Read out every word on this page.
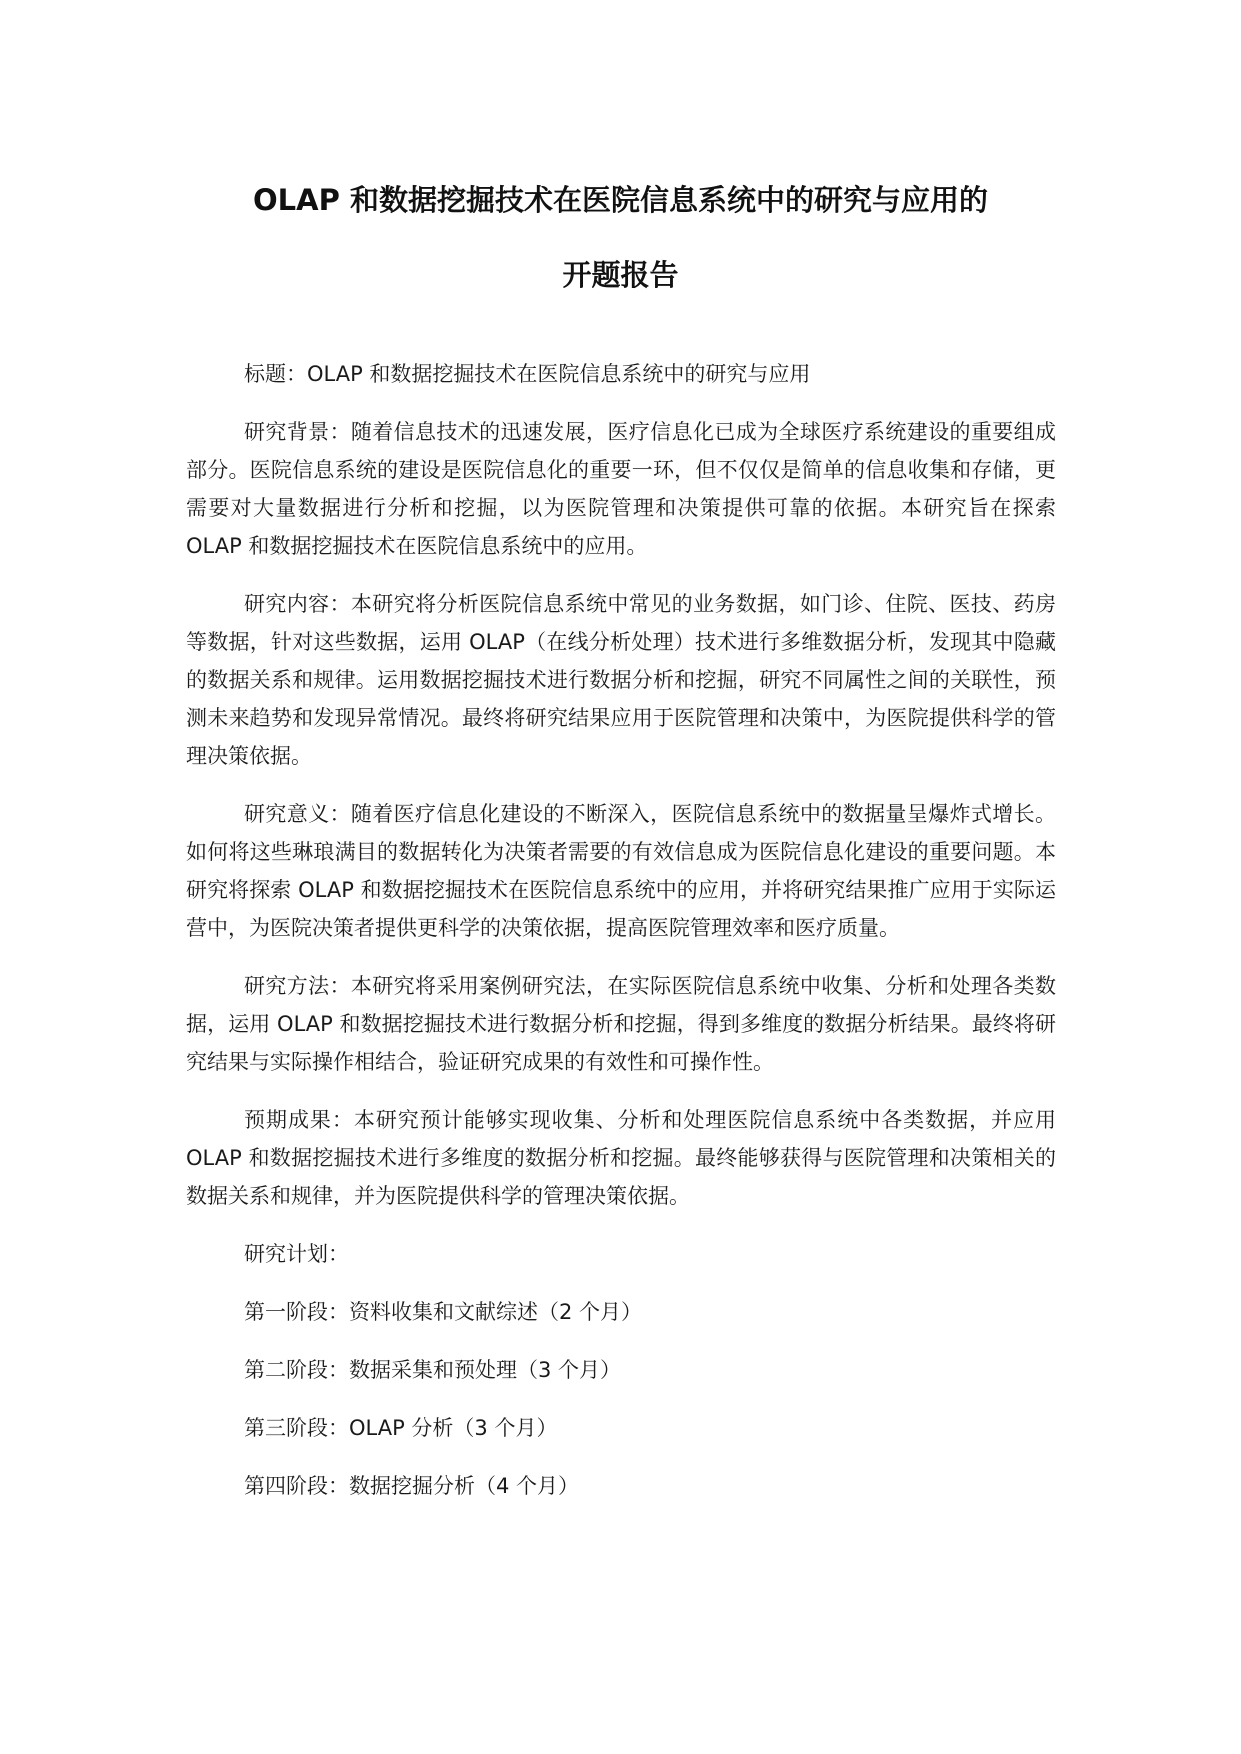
OLAP 和数据挖掘技术在医院信息系统中的研究与应用的
开题报告

标题：OLAP 和数据挖掘技术在医院信息系统中的研究与应用

研究背景：随着信息技术的迅速发展，医疗信息化已成为全球医疗系统建设的重要组成部分。医院信息系统的建设是医院信息化的重要一环，但不仅仅是简单的信息收集和存储，更需要对大量数据进行分析和挖掘，以为医院管理和决策提供可靠的依据。本研究旨在探索 OLAP 和数据挖掘技术在医院信息系统中的应用。

研究内容：本研究将分析医院信息系统中常见的业务数据，如门诊、住院、医技、药房等数据，针对这些数据，运用 OLAP（在线分析处理）技术进行多维数据分析，发现其中隐藏的数据关系和规律。运用数据挖掘技术进行数据分析和挖掘，研究不同属性之间的关联性，预测未来趋势和发现异常情况。最终将研究结果应用于医院管理和决策中，为医院提供科学的管理决策依据。

研究意义：随着医疗信息化建设的不断深入，医院信息系统中的数据量呈爆炸式增长。如何将这些琳琅满目的数据转化为决策者需要的有效信息成为医院信息化建设的重要问题。本研究将探索 OLAP 和数据挖掘技术在医院信息系统中的应用，并将研究结果推广应用于实际运营中，为医院决策者提供更科学的决策依据，提高医院管理效率和医疗质量。

研究方法：本研究将采用案例研究法，在实际医院信息系统中收集、分析和处理各类数据，运用 OLAP 和数据挖掘技术进行数据分析和挖掘，得到多维度的数据分析结果。最终将研究结果与实际操作相结合，验证研究成果的有效性和可操作性。

预期成果：本研究预计能够实现收集、分析和处理医院信息系统中各类数据，并应用 OLAP 和数据挖掘技术进行多维度的数据分析和挖掘。最终能够获得与医院管理和决策相关的数据关系和规律，并为医院提供科学的管理决策依据。

研究计划：

第一阶段：资料收集和文献综述（2 个月）

第二阶段：数据采集和预处理（3 个月）

第三阶段：OLAP 分析（3 个月）

第四阶段：数据挖掘分析（4 个月）
